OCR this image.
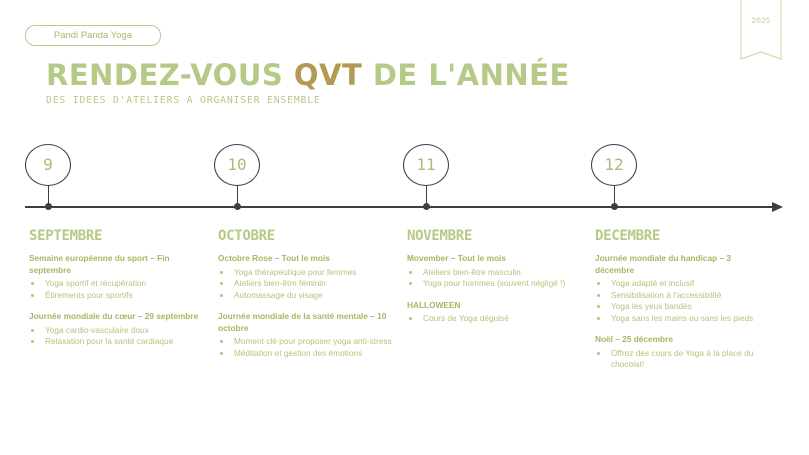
Pandi Panda Yoga
2025
RENDEZ-VOUS QVT DE L'ANNÉE
DES IDEES D'ATELIERS A ORGANISER ENSEMBLE
9
SEPTEMBRE
Semaine européenne du sport – Fin septembre
• Yoga sportif et récupération
• Étirements pour sportifs
Journée mondiale du cœur – 29 septembre
• Yoga cardio-vasculaire doux
• Relaxation pour la santé cardiaque
10
OCTOBRE
Octobre Rose – Tout le mois
• Yoga thérapeutique pour femmes
• Ateliers bien-être féminin
• Automassage du visage
Journée mondiale de la santé mentale – 10 octobre
• Moment clé pour proposer yoga anti-stress
• Méditation et gestion des émotions
11
NOVEMBRE
Movember – Tout le mois
• Ateliers bien-être masculin
• Yoga pour hommes (souvent négligé !)
HALLOWEEN
• Cours de Yoga déguisé
12
DECEMBRE
Journée mondiale du handicap – 3 décembre
• Yoga adapté et inclusif
• Sensibilisation à l'accessibilité
• Yoga les yeux bandés
• Yoga sans les mains ou sans les pieds
Noël – 25 décembre
• Offrez des cours de Yoga à la place du chocolat!
